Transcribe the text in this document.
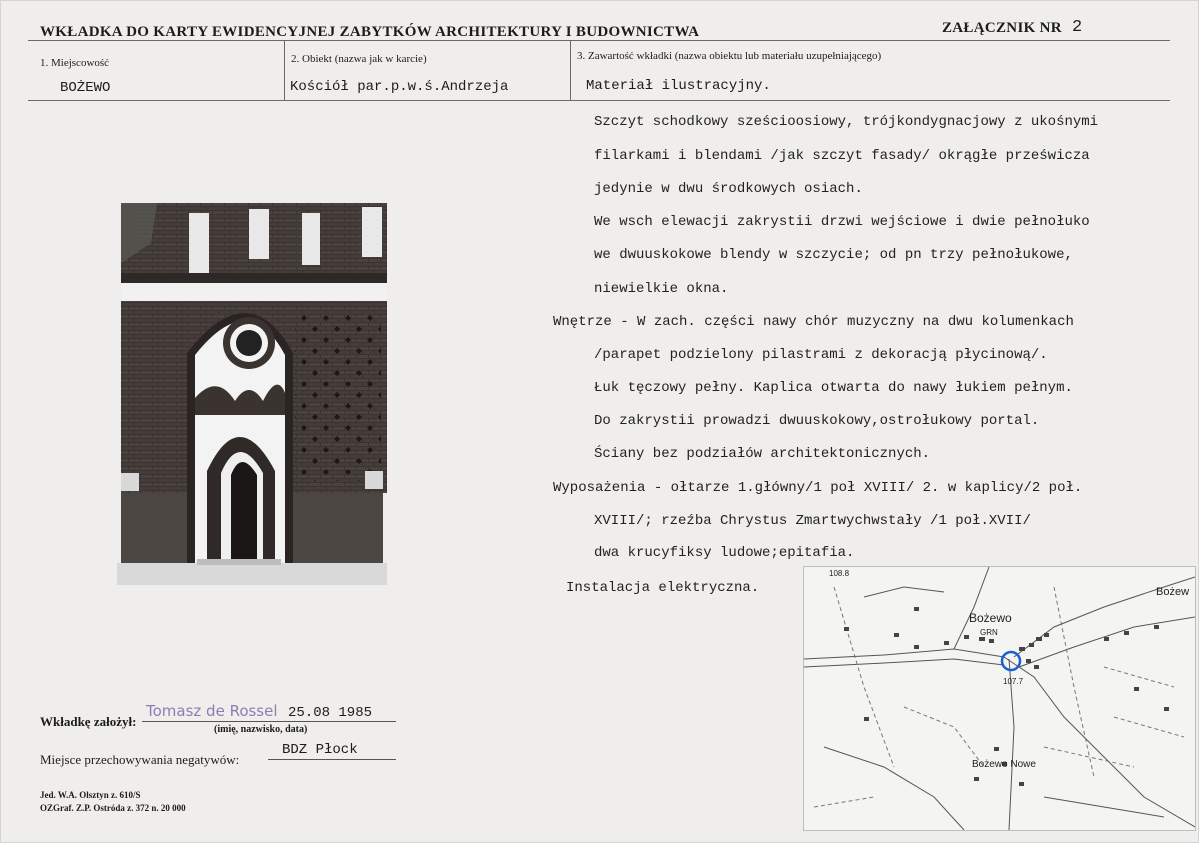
WKŁADKA DO KARTY EWIDENCYJNEJ ZABYTKÓW ARCHITEKTURY I BUDOWNICTWA	ZAŁĄCZNIK NR 2
1. Miejscowość
BOŻEWO
2. Obiekt (nazwa jak w karcie)
Kościół par.p.w.ś.Andrzeja
3. Zawartość wkładki (nazwa obiektu lub materiału uzupełniającego)
Materiał ilustracyjny.
Szczyt schodkowy sześcioosiowy, trójkondygnacjowy z ukośnymi
filarkami i blendami /jak szczyt fasady/ okrągłe prześwicza
jedynie w dwu środkowych osiach.
We wsch elewacji zakrystii drzwi wejściowe i dwie pełnołuko
we dwuuskokowe blendy w szczycie; od pn trzy pełnołukowe,
niewielkie okna.
Wnętrze - W zach. części nawy chór muzyczny na dwu kolumenkach
/parapet podzielony pilastrami z dekoracją płycinową/.
Łuk tęczowy pełny. Kaplica otwarta do nawy łukiem pełnym.
Do zakrystii prowadzi dwuuskokowy,ostrołukowy portal.
Ściany bez podziałów architektonicznych.
Wyposażenia - ołtarze 1.główny/1 poł XVIII/ 2. w kaplicy/2 poł.
XVIII/; rzeźba Chrystus Zmartwychwstały /1 poł.XVII/
dwa krucyfiksy ludowe;epitafia.
Instalacja elektryczna.
108.8
Bożewo
GRN
Bożew
107.7
Bożewo Nowe
Tomasz de Rossel 25.08 1985
Wkładkę założył:
(imię, nazwisko, data)
Miejsce przechowywania negatywów:
BDZ Płock
Jed. W.A. Olsztyn z. 610/S
OZGraf. Z.P. Ostróda z. 372 n. 20 000
